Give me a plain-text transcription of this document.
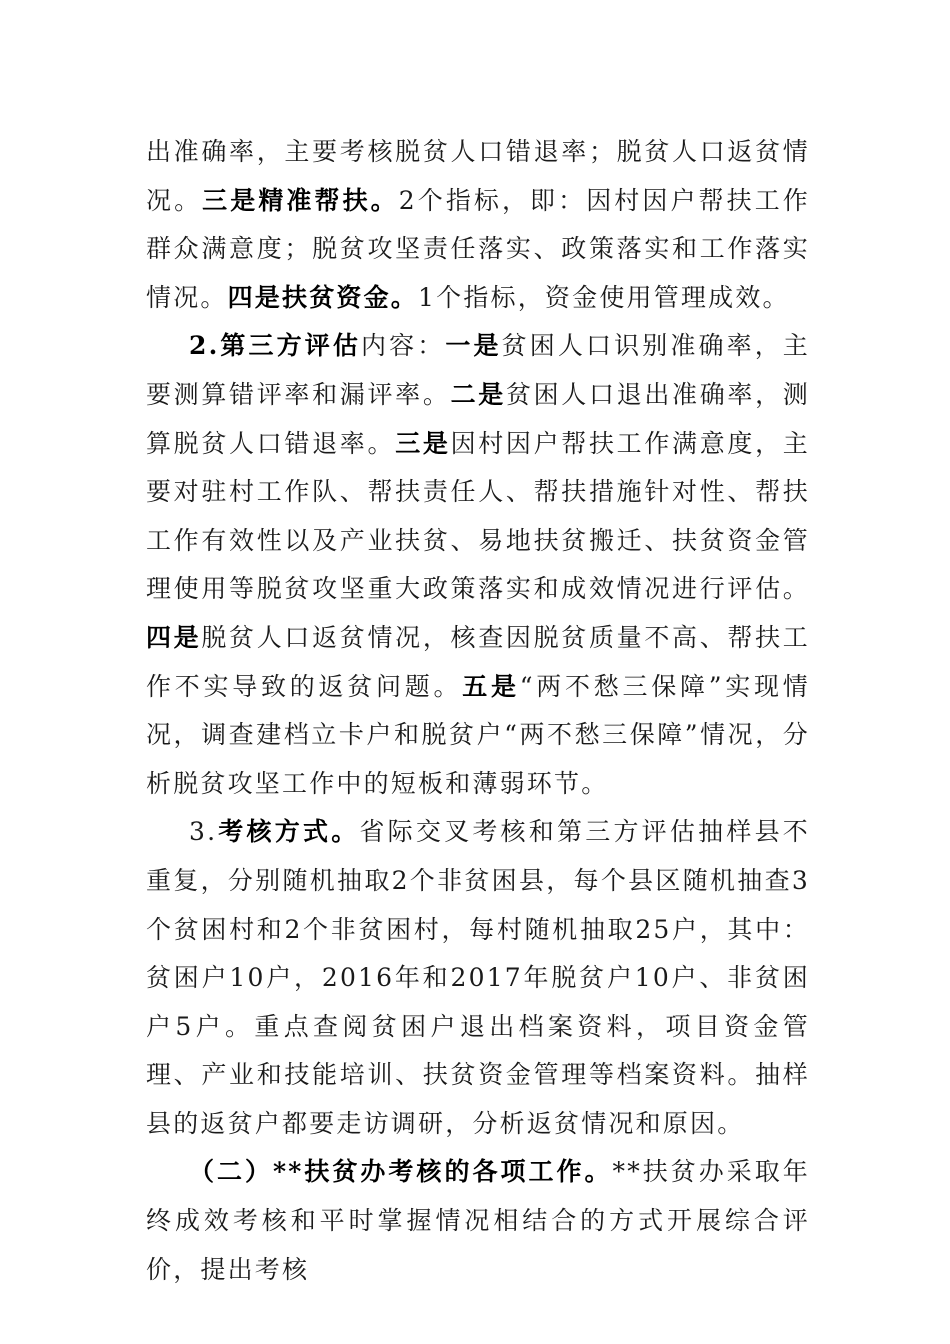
出准确率，主要考核脱贫人口错退率；脱贫人口返贫情况。三是精准帮扶。2个指标，即：因村因户帮扶工作群众满意度；脱贫攻坚责任落实、政策落实和工作落实情况。四是扶贫资金。1个指标，资金使用管理成效。

2.第三方评估内容：一是贫困人口识别准确率，主要测算错评率和漏评率。二是贫困人口退出准确率，测算脱贫人口错退率。三是因村因户帮扶工作满意度，主要对驻村工作队、帮扶责任人、帮扶措施针对性、帮扶工作有效性以及产业扶贫、易地扶贫搬迁、扶贫资金管理使用等脱贫攻坚重大政策落实和成效情况进行评估。四是脱贫人口返贫情况，核查因脱贫质量不高、帮扶工作不实导致的返贫问题。五是“两不愁三保障”实现情况，调查建档立卡户和脱贫户“两不愁三保障”情况，分析脱贫攻坚工作中的短板和薄弱环节。

3.考核方式。省际交叉考核和第三方评估抽样县不重复，分别随机抽取2个非贫困县，每个县区随机抽查3个贫困村和2个非贫困村，每村随机抽取25户，其中：贫困户10户，2016年和2017年脱贫户10户、非贫困户5户。重点查阅贫困户退出档案资料，项目资金管理、产业和技能培训、扶贫资金管理等档案资料。抽样县的返贫户都要走访调研，分析返贫情况和原因。

（二）**扶贫办考核的各项工作。**扶贫办采取年终成效考核和平时掌握情况相结合的方式开展综合评价，提出考核
